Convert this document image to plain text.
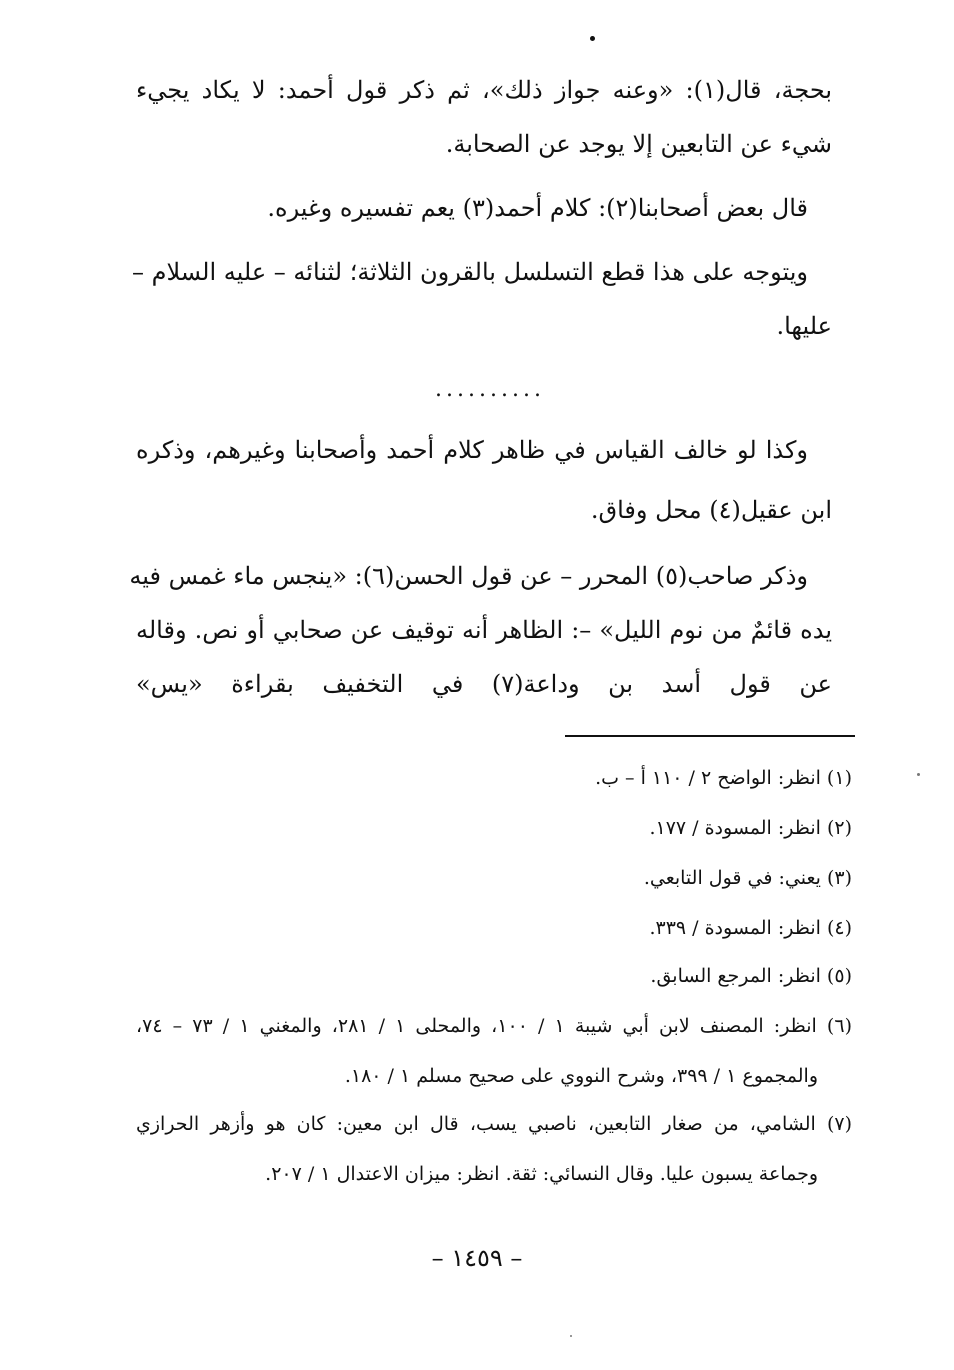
بحجة، قال(١): «وعنه جواز ذلك»، ثم ذكر قول أحمد: لا يكاد يجيء
شيء عن التابعين إلا يوجد عن الصحابة.
قال بعض أصحابنا(٢): كلام أحمد(٣) يعم تفسيره وغيره.
ويتوجه على هذا قطع التسلسل بالقرون الثلاثة؛ لثنائه – عليه السلام –
عليها.
..........
وكذا لو خالف القياس في ظاهر كلام أحمد وأصحابنا وغيرهم، وذكره
ابن عقيل(٤) محل وفاق.
وذكر صاحب(٥) المحرر – عن قول الحسن(٦): «ينجس ماء غمس فيه
يده قائمٌ من نوم الليل» –: الظاهر أنه توقيف عن صحابي أو نص. وقاله
عن قول أسد بن وداعة(٧) في التخفيف بقراءة «يس»
(١) انظر: الواضح ٢ / ١١٠ أ – ب.
(٢) انظر: المسودة / ١٧٧.
(٣) يعني: في قول التابعي.
(٤) انظر: المسودة / ٣٣٩.
(٥) انظر: المرجع السابق.
(٦) انظر: المصنف لابن أبي شيبة ١ / ١٠٠، والمحلى ١ / ٢٨١، والمغني ١ / ٧٣ – ٧٤،
والمجموع ١ / ٣٩٩، وشرح النووي على صحيح مسلم ١ / ١٨٠.
(٧) الشامي، من صغار التابعين، ناصبي يسب، قال ابن معين: كان هو وأزهر الحرازي
وجماعة يسبون عليا. وقال النسائي: ثقة. انظر: ميزان الاعتدال ١ / ٢٠٧.
– ١٤٥٩ –
